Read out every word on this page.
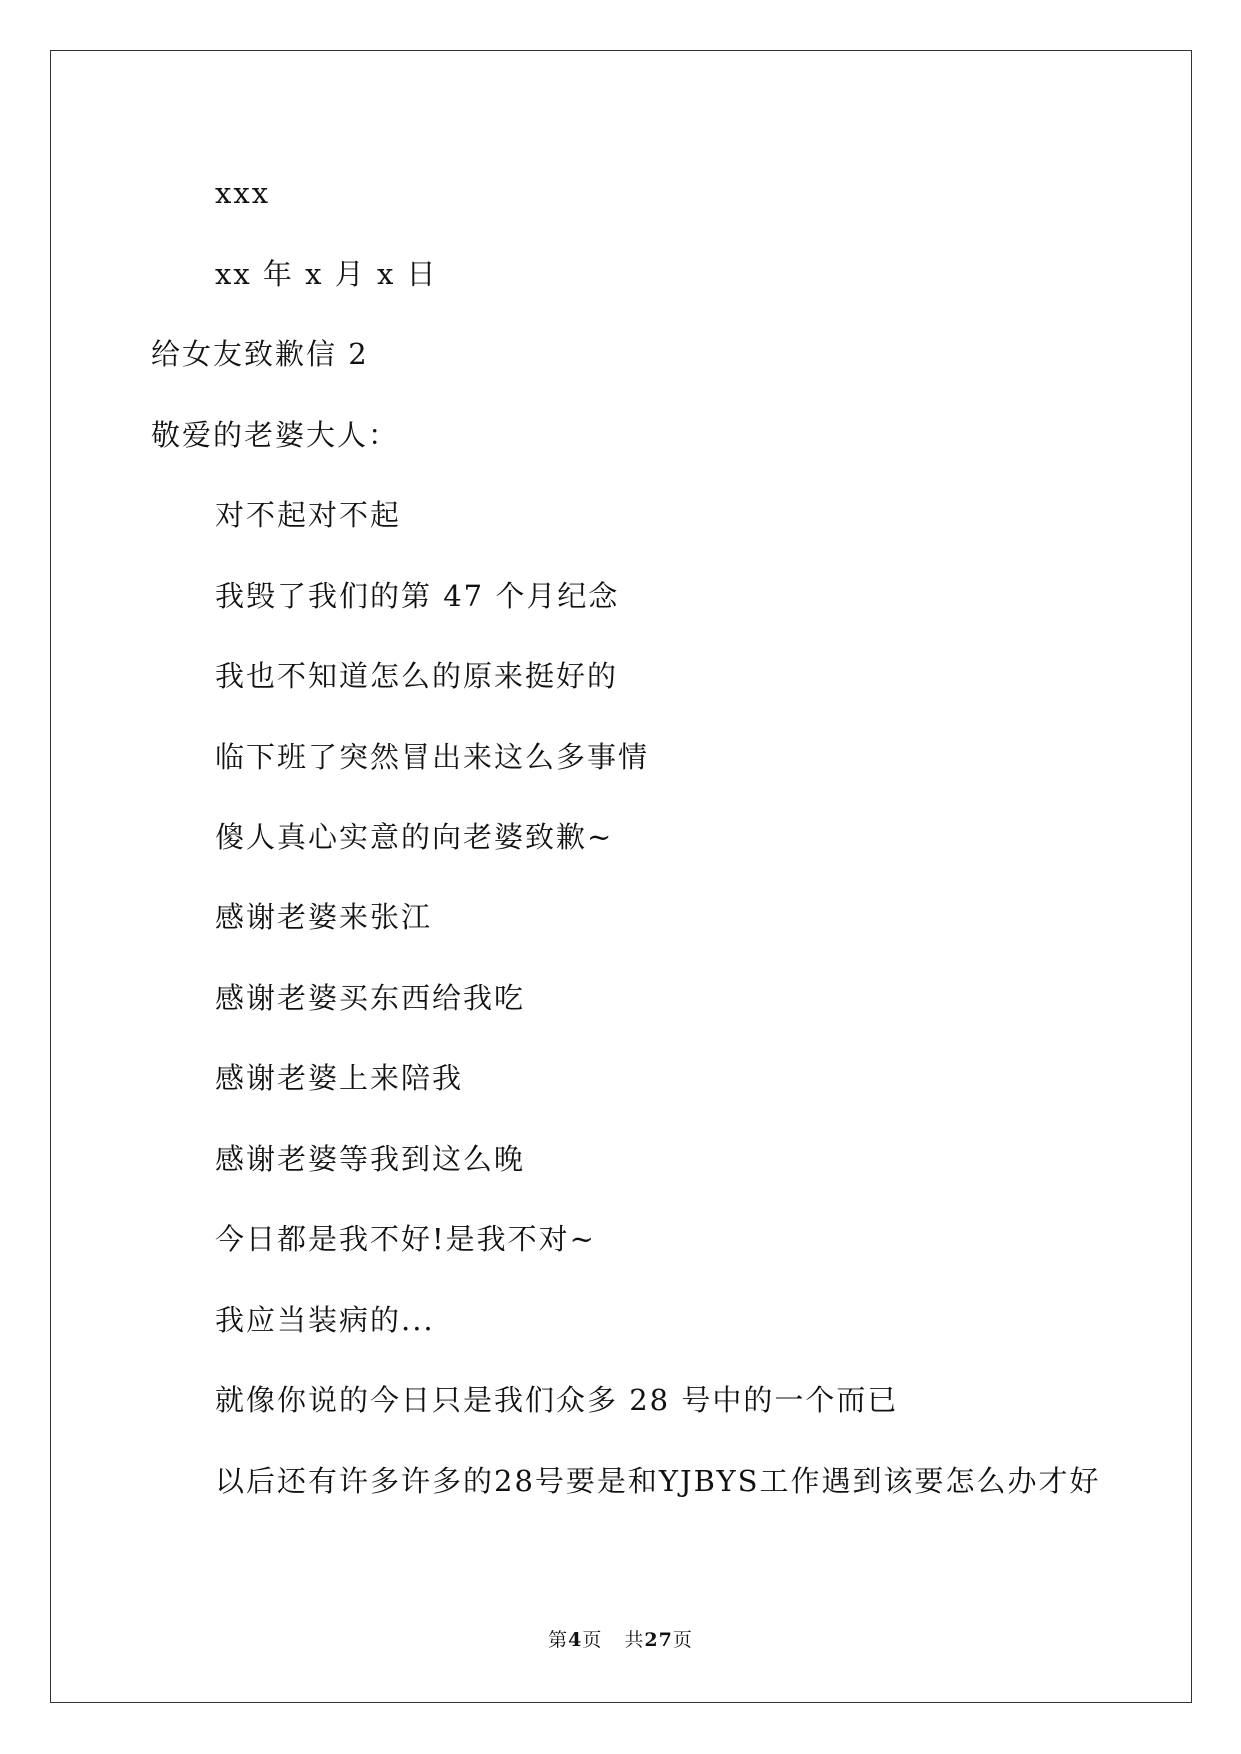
xxx
xx 年 x 月 x 日
给女友致歉信 2
敬爱的老婆大人：
对不起对不起
我毁了我们的第 47 个月纪念
我也不知道怎么的原来挺好的
临下班了突然冒出来这么多事情
傻人真心实意的向老婆致歉~
感谢老婆来张江
感谢老婆买东西给我吃
感谢老婆上来陪我
感谢老婆等我到这么晚
今日都是我不好!是我不对~
我应当装病的...
就像你说的今日只是我们众多 28 号中的一个而已
以后还有许多许多的28号要是和YJBYS工作遇到该要怎么办才好
第4页 共27页
